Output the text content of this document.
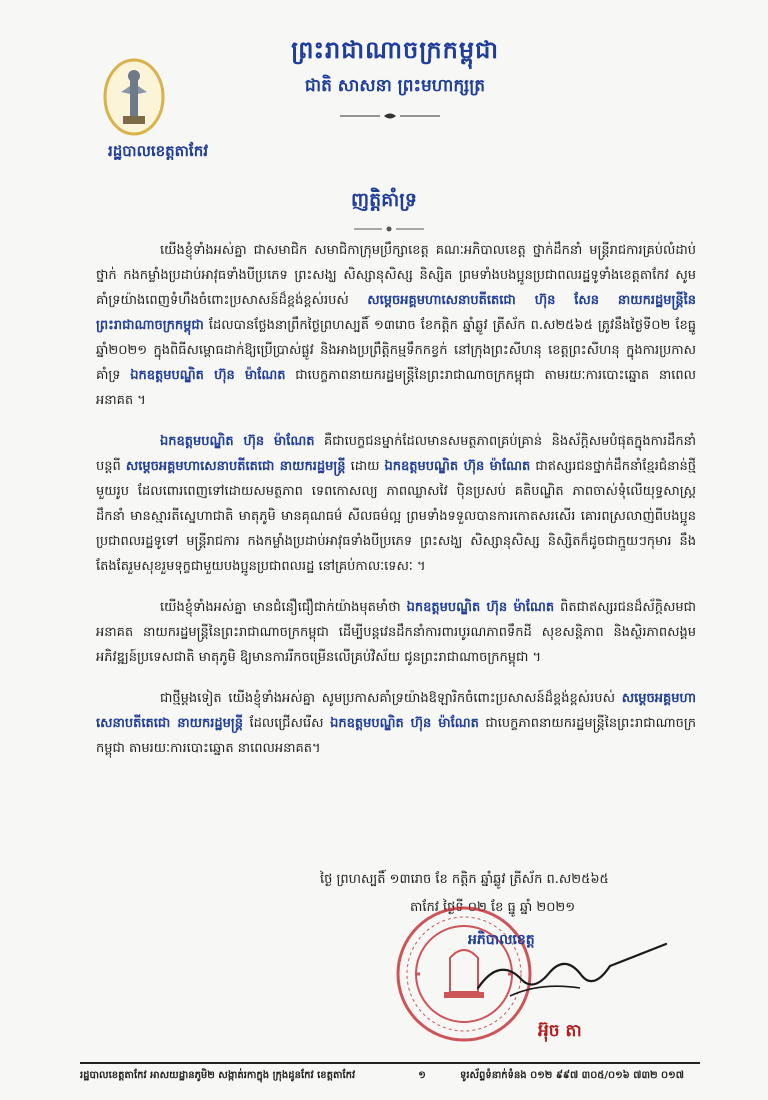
រដ្ឋបាលខេត្តតាកែវ
ព្រះរាជាណាចក្រកម្ពុជា
ជាតិ សាសនា ព្រះមហាក្សត្រ
ញត្តិគាំទ្រ

យើងខ្ញុំទាំងអស់គ្នា ជាសមាជិក សមាជិកាក្រុមប្រឹក្សាខេត្ត គណៈអភិបាលខេត្ត ថ្នាក់ដឹកនាំ មន្ត្រីរាជការគ្រប់លំដាប់ថ្នាក់ កងកម្លាំងប្រដាប់អាវុធទាំងបីប្រភេទ ព្រះសង្ឃ សិស្សានុសិស្ស និស្សិត ព្រមទាំងបងប្អូនប្រជាពលរដ្ឋទូទាំងខេត្តតាកែវ សូមគាំទ្រយ៉ាងពេញទំហឹងចំពោះប្រសាសន៍ដ៏ខ្ពង់ខ្ពស់របស់ សម្តេចអគ្គមហាសេនាបតីតេជោ ហ៊ុន សែន នាយករដ្ឋមន្ត្រីនៃព្រះរាជាណាចក្រកម្ពុជា ដែលបានថ្លែងនាព្រឹកថ្ងៃព្រហស្បតិ៍ ១៣រោច ខែកត្តិក ឆ្នាំឆ្លូវ ត្រីស័ក ព.ស២៥៦៥ ត្រូវនឹងថ្ងៃទី០២ ខែធ្នូ ឆ្នាំ២០២១ ក្នុងពិធីសម្ពោធដាក់ឱ្យប្រើប្រាស់ផ្លូវ និងអាងប្រព្រឹត្តិកម្មទឹកកខ្វក់ នៅក្រុងព្រះសីហនុ ខេត្តព្រះសីហនុ ក្នុងការប្រកាសគាំទ្រ ឯកឧត្តមបណ្ឌិត ហ៊ុន ម៉ាណែត ជាបេក្ខភាពនាយករដ្ឋមន្ត្រីនៃព្រះរាជាណាចក្រកម្ពុជា តាមរយៈការបោះឆ្នោត នាពេលអនាគត ។

ឯកឧត្តមបណ្ឌិត ហ៊ុន ម៉ាណែត គឺជាបេក្ខជនម្នាក់ដែលមានសមត្ថភាពគ្រប់គ្រាន់ និងស័ក្តិសមបំផុតក្នុងការដឹកនាំបន្តពី សម្តេចអគ្គមហាសេនាបតីតេជោ នាយករដ្ឋមន្ត្រី ដោយ ឯកឧត្តមបណ្ឌិត ហ៊ុន ម៉ាណែត ជាឥស្សរជនថ្នាក់ដឹកនាំខ្មែរជំនាន់ថ្មីមួយរូប ដែលពោរពេញទៅដោយសមត្ថភាព ទេពកោសល្យ ភាពឈ្លាសវៃ ប៉ិនប្រសប់ គតិបណ្ឌិត ភាពចាស់ទុំលើយុទ្ធសាស្ត្រដឹកនាំ មានស្មារតីស្នេហាជាតិ មាតុភូមិ មានគុណធម៌ សីលធម៌ល្អ ព្រមទាំងទទួលបានការកោតសរសើរ គោរពស្រលាញ់ពីបងប្អូនប្រជាពលរដ្ឋទូទៅ មន្ត្រីរាជការ កងកម្លាំងប្រដាប់អាវុធទាំងបីប្រភេទ ព្រះសង្ឃ សិស្សានុសិស្ស និស្សិតក៏ដូចជាក្មួយៗកុមារ នឹងតែងតែរួមសុខរួមទុក្ខជាមួយបងប្អូនប្រជាពលរដ្ឋ នៅគ្រប់កាលៈទេសៈ ។

យើងខ្ញុំទាំងអស់គ្នា មានជំនឿជឿជាក់យ៉ាងមុតមាំថា ឯកឧត្តមបណ្ឌិត ហ៊ុន ម៉ាណែត ពិតជាឥស្សរជនដ៏ស័ក្តិសមជាអនាគត នាយករដ្ឋមន្ត្រីនៃព្រះរាជាណាចក្រកម្ពុជា ដើម្បីបន្តវេនដឹកនាំការពារបូរណភាពទឹកដី សុខសន្តិភាព និងស្ថិរភាពសង្គម អភិវឌ្ឍន៍ប្រទេសជាតិ មាតុភូមិ ឱ្យមានការរីកចម្រើនលើគ្រប់វិស័យ ជូនព្រះរាជាណាចក្រកម្ពុជា ។

ជាថ្មីម្តងទៀត យើងខ្ញុំទាំងអស់គ្នា សូមប្រកាសគាំទ្រយ៉ាងឱឡារិកចំពោះប្រសាសន៍ដ៏ខ្ពង់ខ្ពស់របស់ សម្តេចអគ្គមហាសេនាបតីតេជោ នាយករដ្ឋមន្ត្រី ដែលជ្រើសរើស ឯកឧត្តមបណ្ឌិត ហ៊ុន ម៉ាណែត ជាបេក្ខភាពនាយករដ្ឋមន្ត្រីនៃព្រះរាជាណាចក្រកម្ពុជា តាមរយៈការបោះឆ្នោត នាពេលអនាគត។

ថ្ងៃ ព្រហស្បតិ៍ ១៣រោច ខែ កត្តិក ឆ្នាំឆ្លូវ ត្រីស័ក ព.ស២៥៦៥
តាកែវ ថ្ងៃទី ០២ ខែ ធ្នូ ឆ្នាំ ២០២១
អភិបាលខេត្ត
អ៊ុច តា
រដ្ឋបាលខេត្តតាកែវ អាសយដ្ឋានភូមិ២ សង្កាត់រកាក្នុង ក្រុងដូនកែវ ខេត្តតាកែវ	១	ទូរស័ព្ទទំនាក់ទំនង ០១២ ៩៩៧ ៣០៥/០១៦ ៧៣២ ០១៧
